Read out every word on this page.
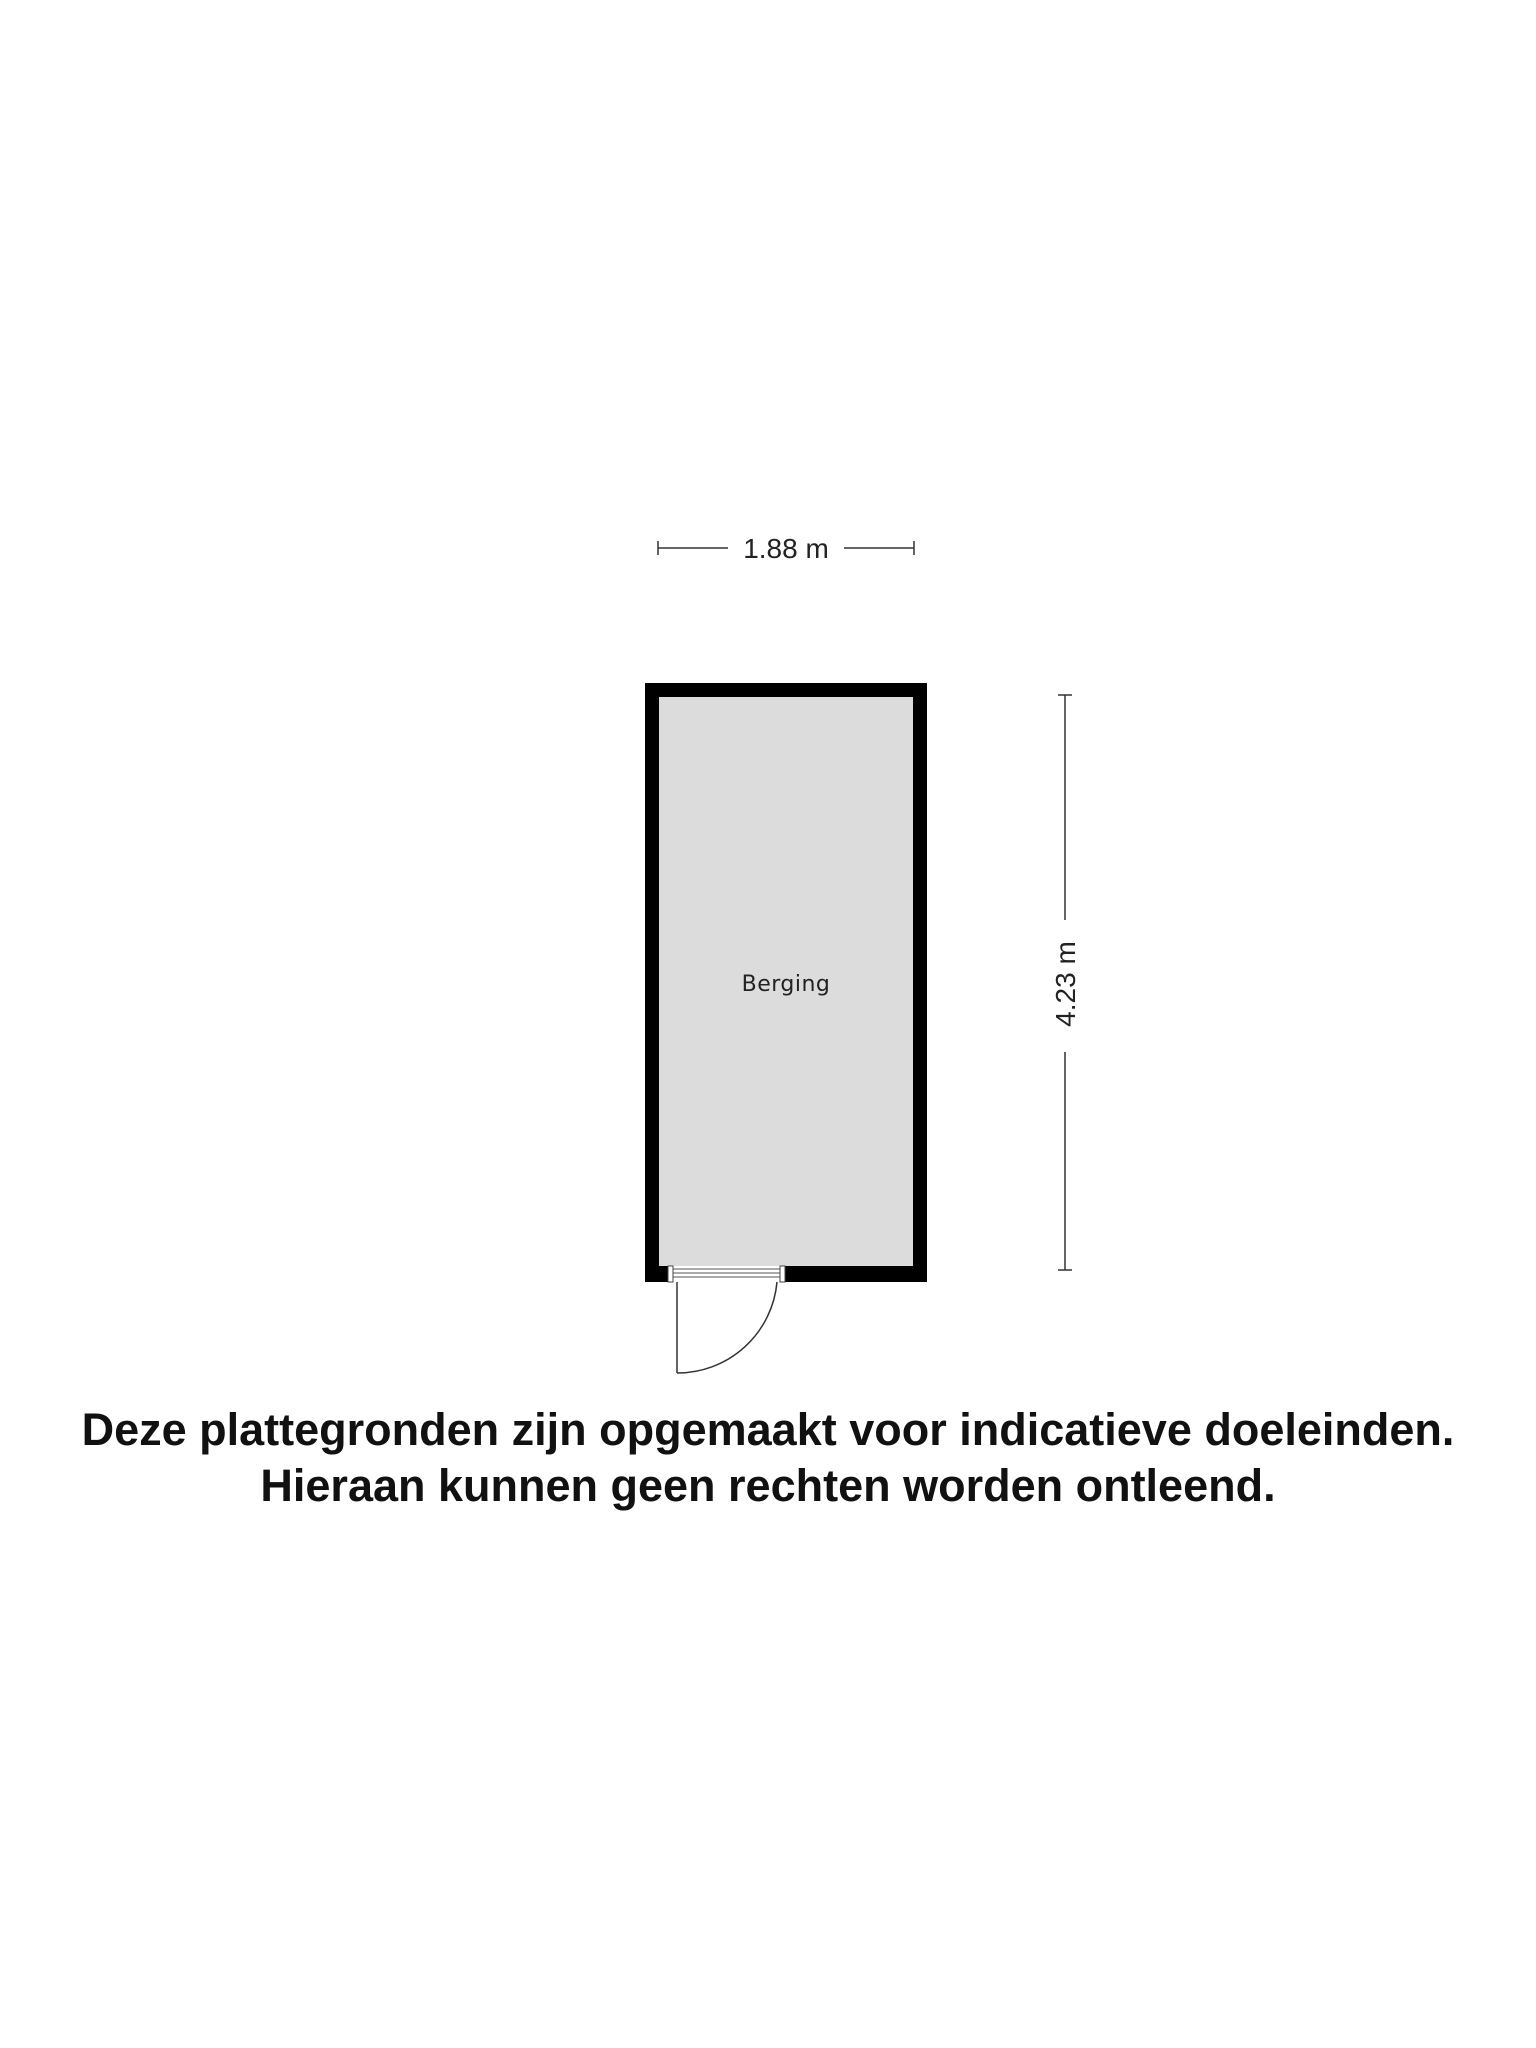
1.88 m
4.23 m
Berging
Deze plattegronden zijn opgemaakt voor indicatieve doeleinden.
Hieraan kunnen geen rechten worden ontleend.
